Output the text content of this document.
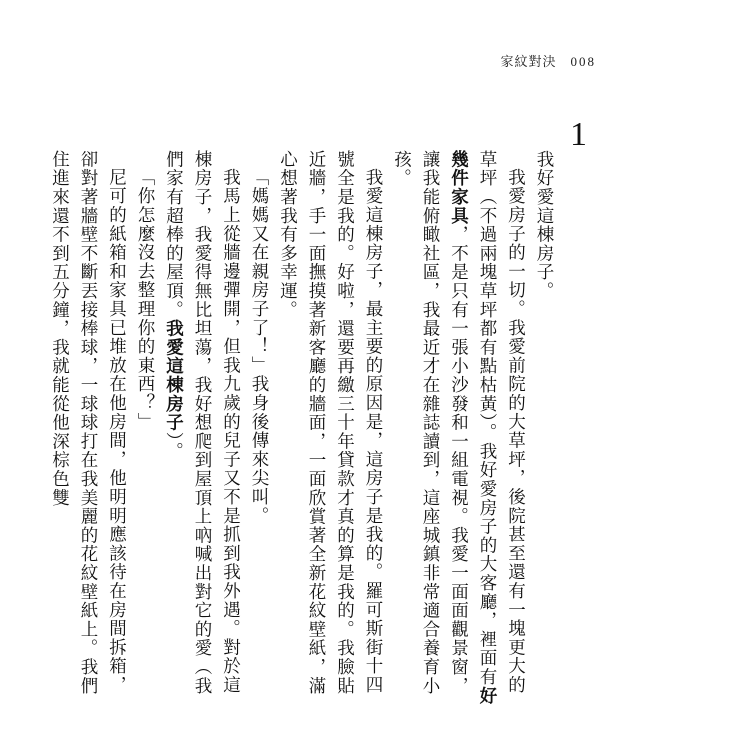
家紋對決 008
1

我好愛這棟房子。

我愛房子的一切。我愛前院的大草坪，後院甚至還有一塊更大的草坪（不過兩塊草坪都有點枯黃）。我好愛房子的大客廳，裡面有好幾件家具，不是只有一張小沙發和一組電視。我愛一面面觀景窗，讓我能俯瞰社區，我最近才在雜誌讀到，這座城鎮非常適合養育小孩。

我愛這棟房子，最主要的原因是，這房子是我的。羅可斯街十四號全是我的。好啦，還要再繳三十年貸款才真的算是我的。我臉貼近牆，手一面撫摸著新客廳的牆面，一面欣賞著全新花紋壁紙，滿心想著我有多幸運。

「媽媽又在親房子了！」我身後傳來尖叫。

我馬上從牆邊彈開，但我九歲的兒子又不是抓到我外遇。對於這棟房子，我愛得無比坦蕩，我好想爬到屋頂上吶喊出對它的愛（我們家有超棒的屋頂。我愛這棟房子）。

「你怎麼沒去整理你的東西？」

尼可的紙箱和家具已堆放在他房間，他明明應該待在房間拆箱，卻對著牆壁不斷丟接棒球，一球球打在我美麗的花紋壁紙上。我們住進來還不到五分鐘，我就能從他深棕色雙
